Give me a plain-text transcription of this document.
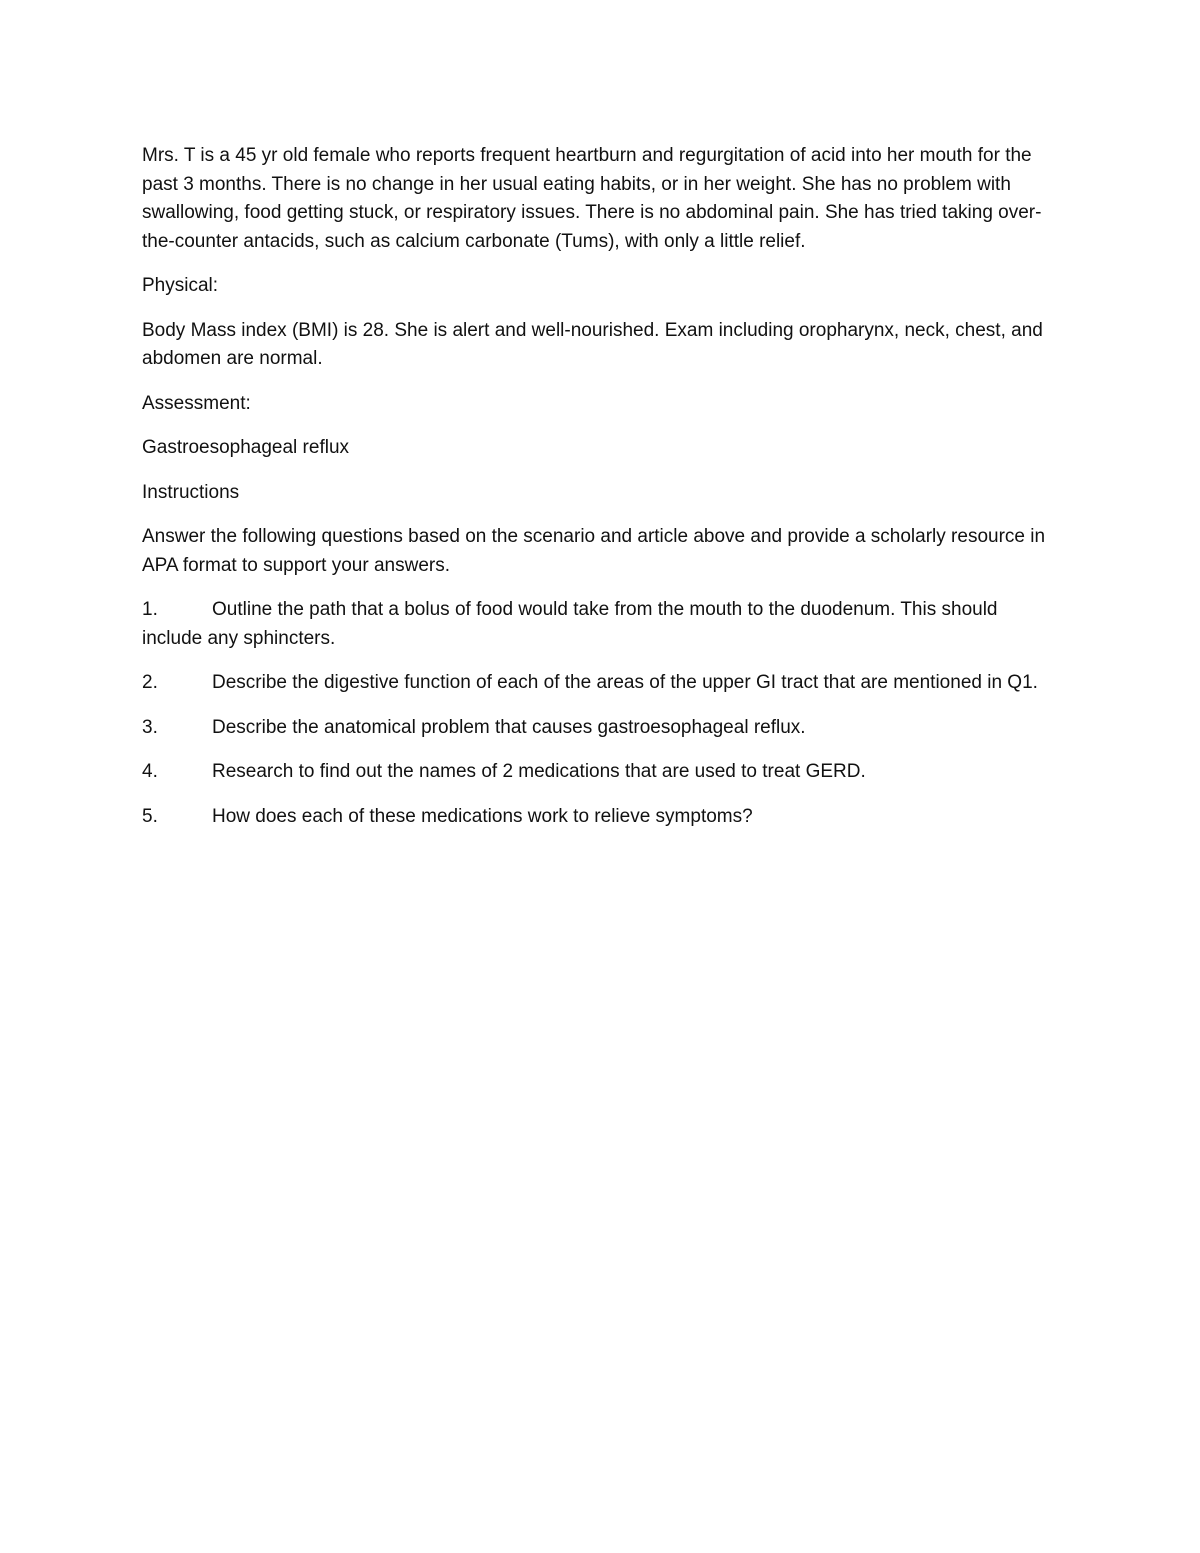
Mrs. T is a 45 yr old female who reports frequent heartburn and regurgitation of acid into her mouth for the past 3 months. There is no change in her usual eating habits, or in her weight. She has no problem with swallowing, food getting stuck, or respiratory issues. There is no abdominal pain. She has tried taking over-the-counter antacids, such as calcium carbonate (Tums), with only a little relief.

Physical:

Body Mass index (BMI) is 28. She is alert and well-nourished. Exam including oropharynx, neck, chest, and abdomen are normal.

Assessment:

Gastroesophageal reflux

Instructions

Answer the following questions based on the scenario and article above and provide a scholarly resource in APA format to support your answers.

1.	Outline the path that a bolus of food would take from the mouth to the duodenum. This should include any sphincters.

2.	Describe the digestive function of each of the areas of the upper GI tract that are mentioned in Q1.

3.	Describe the anatomical problem that causes gastroesophageal reflux.

4.	Research to find out the names of 2 medications that are used to treat GERD.

5.	How does each of these medications work to relieve symptoms?
